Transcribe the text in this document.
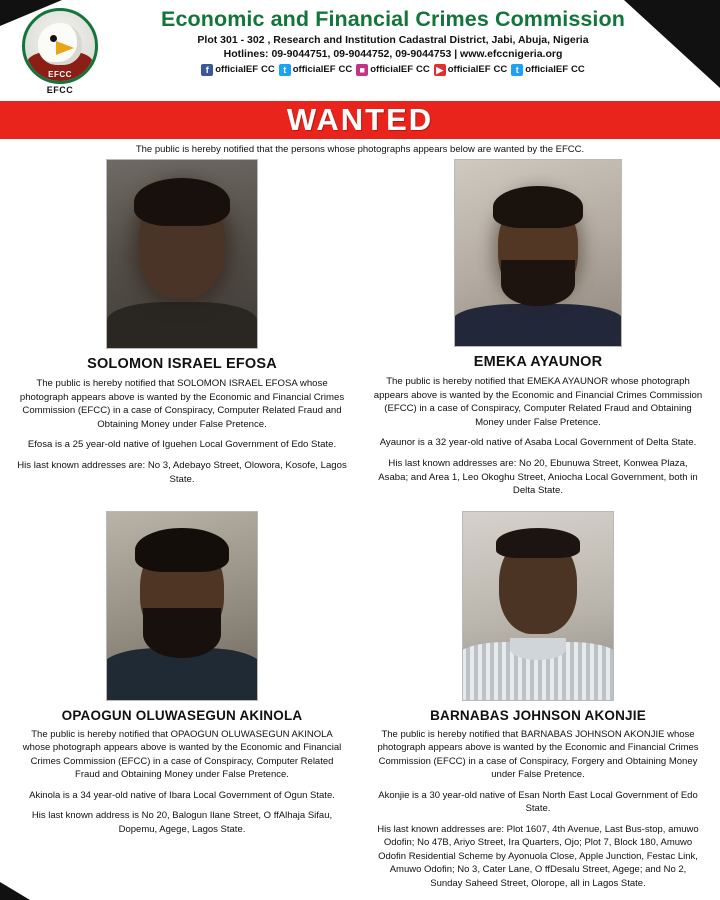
EFCC
EFCC
Economic and Financial Crimes Commission
Plot 301 - 302 , Research and Institution Cadastral District, Jabi, Abuja, Nigeria
Hotlines: 09-9044751, 09-9044752, 09-9044753 | www.efccnigeria.org
f officialEF CC t officialEF CC ■ officialEF CC ▶ officialEF CC t officialEF CC
WANTED
The public is hereby notified that the persons whose photographs appears below are wanted by the EFCC.
SOLOMON ISRAEL EFOSA
The public is hereby notified that SOLOMON ISRAEL EFOSA whose photograph appears above is wanted by the Economic and Financial Crimes Commission (EFCC) in a case of Conspiracy, Computer Related Fraud and Obtaining Money under False Pretence.
Efosa is a 25 year-old native of Iguehen Local Government of Edo State.
His last known addresses are: No 3, Adebayo Street, Olowora, Kosofe, Lagos State.
EMEKA AYAUNOR
The public is hereby notified that EMEKA AYAUNOR whose photograph appears above is wanted by the Economic and Financial Crimes Commission (EFCC) in a case of Conspiracy, Computer Related Fraud and Obtaining Money under False Pretence.
Ayaunor is a 32 year-old native of Asaba Local Government of Delta State.
His last known addresses are: No 20, Ebunuwa Street, Konwea Plaza, Asaba; and Area 1, Leo Okoghu Street, Aniocha Local Government, both in Delta State.
OPAOGUN OLUWASEGUN AKINOLA
The public is hereby notified that OPAOGUN OLUWASEGUN AKINOLA whose photograph appears above is wanted by the Economic and Financial Crimes Commission (EFCC) in a case of Conspiracy, Computer Related Fraud and Obtaining Money under False Pretence.
Akinola is a 34 year-old native of Ibara Local Government of Ogun State.
His last known address is No 20, Balogun Ilane Street, O ffAlhaja Sifau, Dopemu, Agege, Lagos State.
BARNABAS JOHNSON AKONJIE
The public is hereby notified that BARNABAS JOHNSON AKONJIE whose photograph appears above is wanted by the Economic and Financial Crimes Commission (EFCC) in a case of Conspiracy, Forgery and Obtaining Money under False Pretence.
Akonjie is a 30 year-old native of Esan North East Local Government of Edo State.
His last known addresses are: Plot 1607, 4th Avenue, Last Bus-stop, amuwo Odofin; No 47B, Ariyo Street, Ira Quarters, Ojo; Plot 7, Block 180, Amuwo Odofin Residential Scheme by Ayonuola Close, Apple Junction, Festac Link, Amuwo Odofin; No 3, Cater Lane, O ffDesalu Street, Agege; and No 2, Sunday Saheed Street, Olorope, all in Lagos State.
